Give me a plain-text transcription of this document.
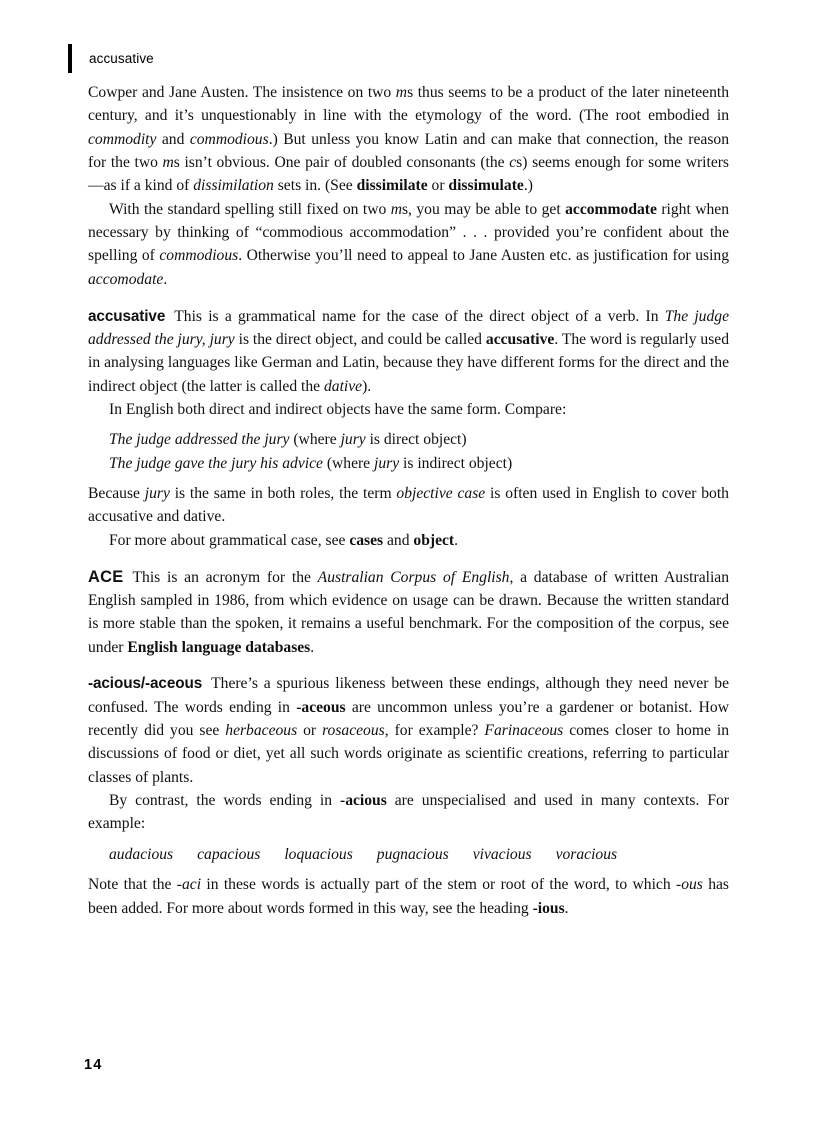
accusative

Cowper and Jane Austen. The insistence on two ms thus seems to be a product of the later nineteenth century, and it’s unquestionably in line with the etymology of the word. (The root embodied in commodity and commodious.) But unless you know Latin and can make that connection, the reason for the two ms isn’t obvious. One pair of doubled consonants (the cs) seems enough for some writers—as if a kind of dissimilation sets in. (See dissimilate or dissimulate.)

With the standard spelling still fixed on two ms, you may be able to get accommodate right when necessary by thinking of “commodious accommodation” . . . provided you’re confident about the spelling of commodious. Otherwise you’ll need to appeal to Jane Austen etc. as justification for using accomodate.

accusative This is a grammatical name for the case of the direct object of a verb. In The judge addressed the jury, jury is the direct object, and could be called accusative. The word is regularly used in analysing languages like German and Latin, because they have different forms for the direct and the indirect object (the latter is called the dative).

In English both direct and indirect objects have the same form. Compare:

The judge addressed the jury (where jury is direct object)
The judge gave the jury his advice (where jury is indirect object)

Because jury is the same in both roles, the term objective case is often used in English to cover both accusative and dative.

For more about grammatical case, see cases and object.

ACE This is an acronym for the Australian Corpus of English, a database of written Australian English sampled in 1986, from which evidence on usage can be drawn. Because the written standard is more stable than the spoken, it remains a useful benchmark. For the composition of the corpus, see under English language databases.

-acious/-aceous There’s a spurious likeness between these endings, although they need never be confused. The words ending in -aceous are uncommon unless you’re a gardener or botanist. How recently did you see herbaceous or rosaceous, for example? Farinaceous comes closer to home in discussions of food or diet, yet all such words originate as scientific creations, referring to particular classes of plants.

By contrast, the words ending in -acious are unspecialised and used in many contexts. For example:

audacious capacious loquacious pugnacious vivacious voracious

Note that the -aci in these words is actually part of the stem or root of the word, to which -ous has been added. For more about words formed in this way, see the heading -ious.

14
